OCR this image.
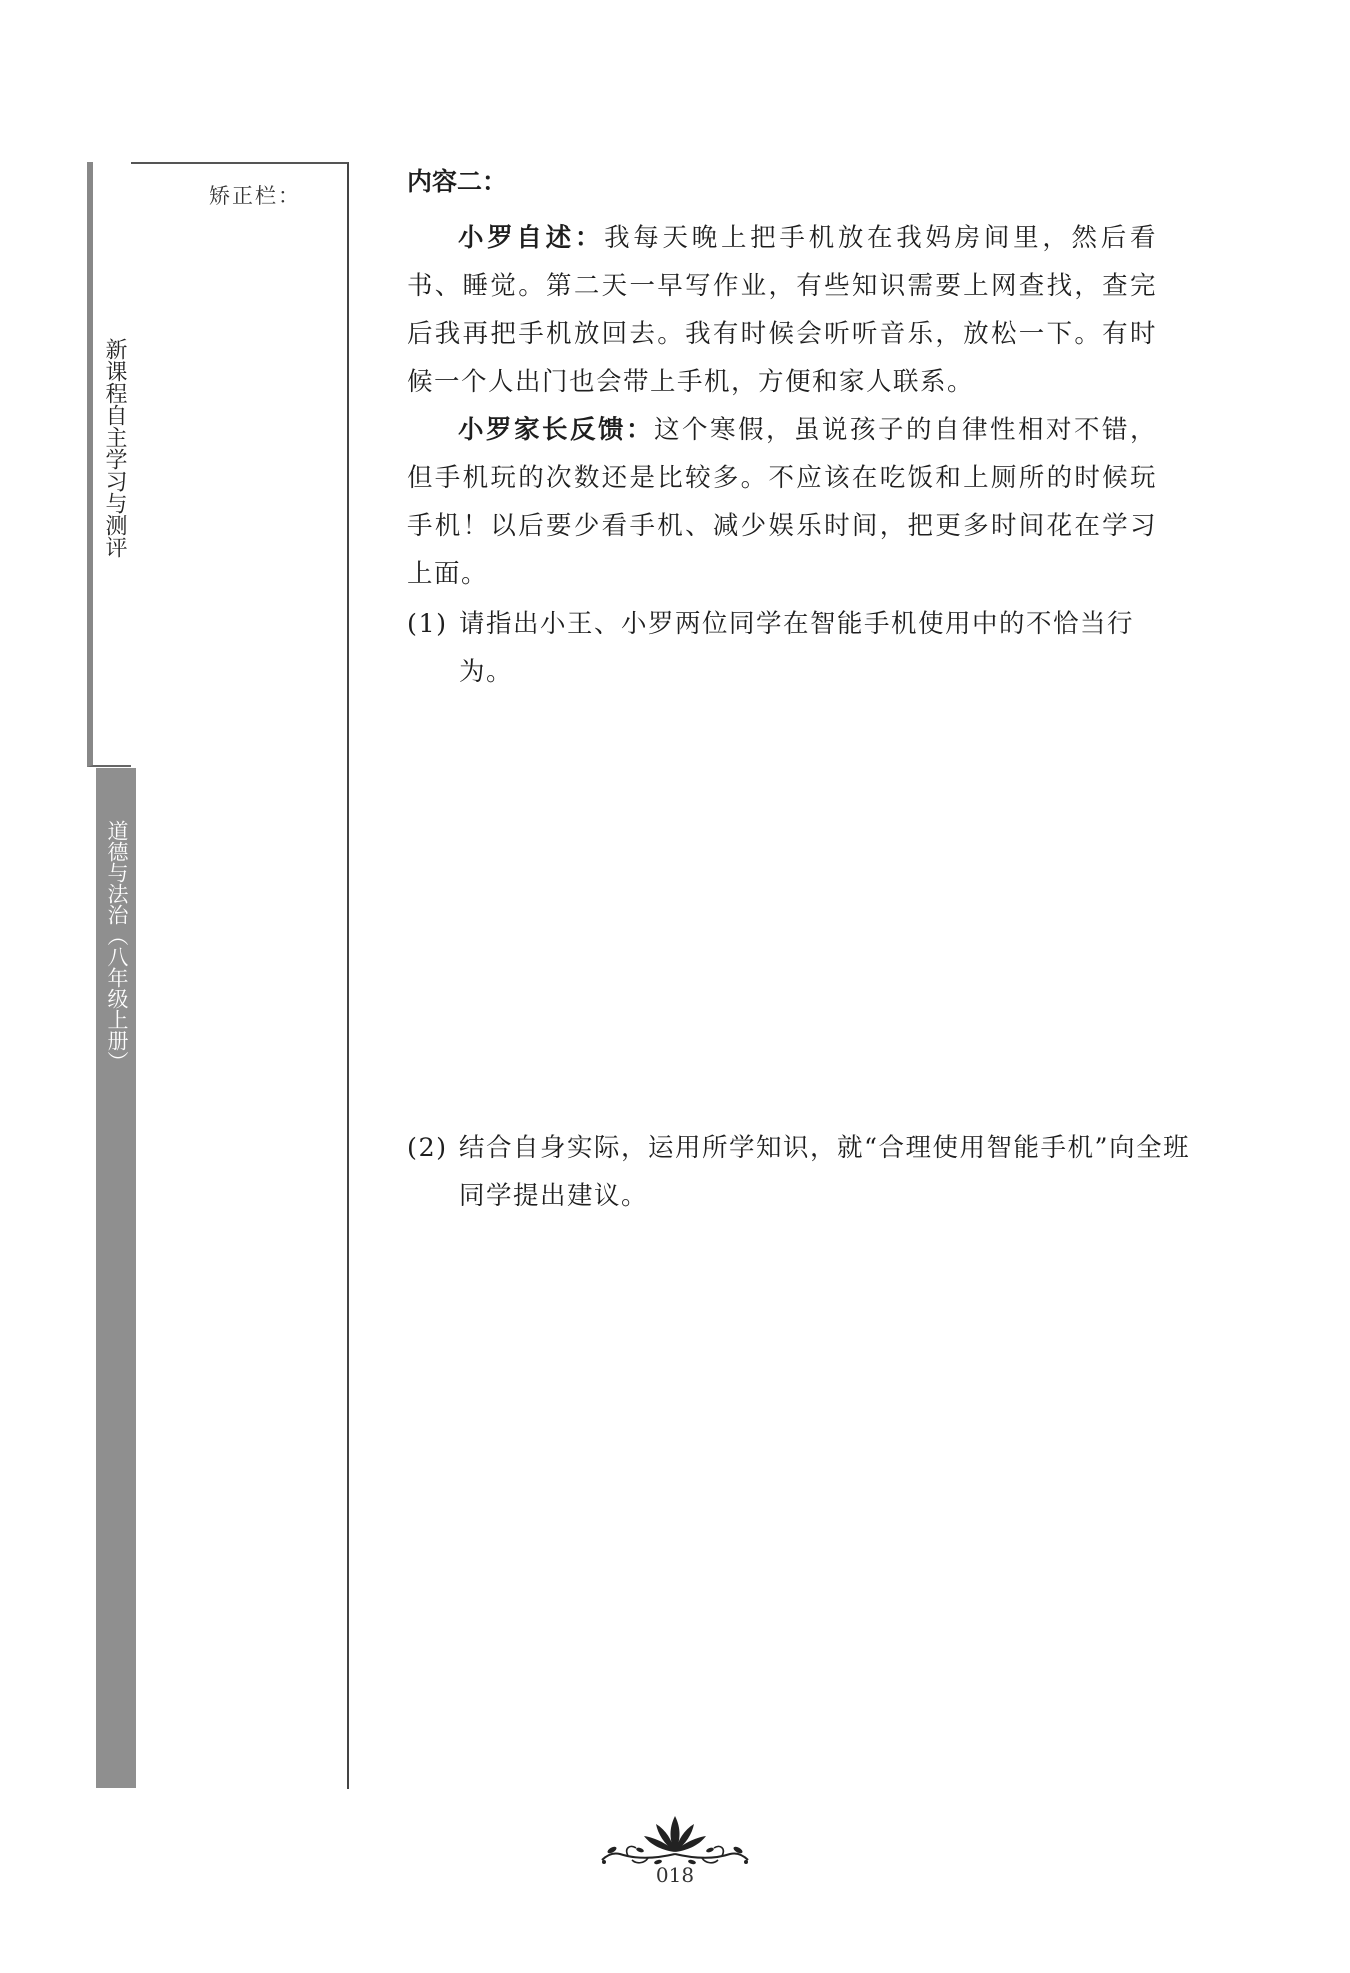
矫正栏：
新课程自主学习与测评
道德与法治（八年级上册）

内容二：

小罗自述：我每天晚上把手机放在我妈房间里，然后看书、睡觉。第二天一早写作业，有些知识需要上网查找，查完后我再把手机放回去。我有时候会听听音乐，放松一下。有时候一个人出门也会带上手机，方便和家人联系。

小罗家长反馈：这个寒假，虽说孩子的自律性相对不错，但手机玩的次数还是比较多。不应该在吃饭和上厕所的时候玩手机！以后要少看手机、减少娱乐时间，把更多时间花在学习上面。

(1) 请指出小王、小罗两位同学在智能手机使用中的不恰当行为。

(2) 结合自身实际，运用所学知识，就“合理使用智能手机”向全班同学提出建议。

018
